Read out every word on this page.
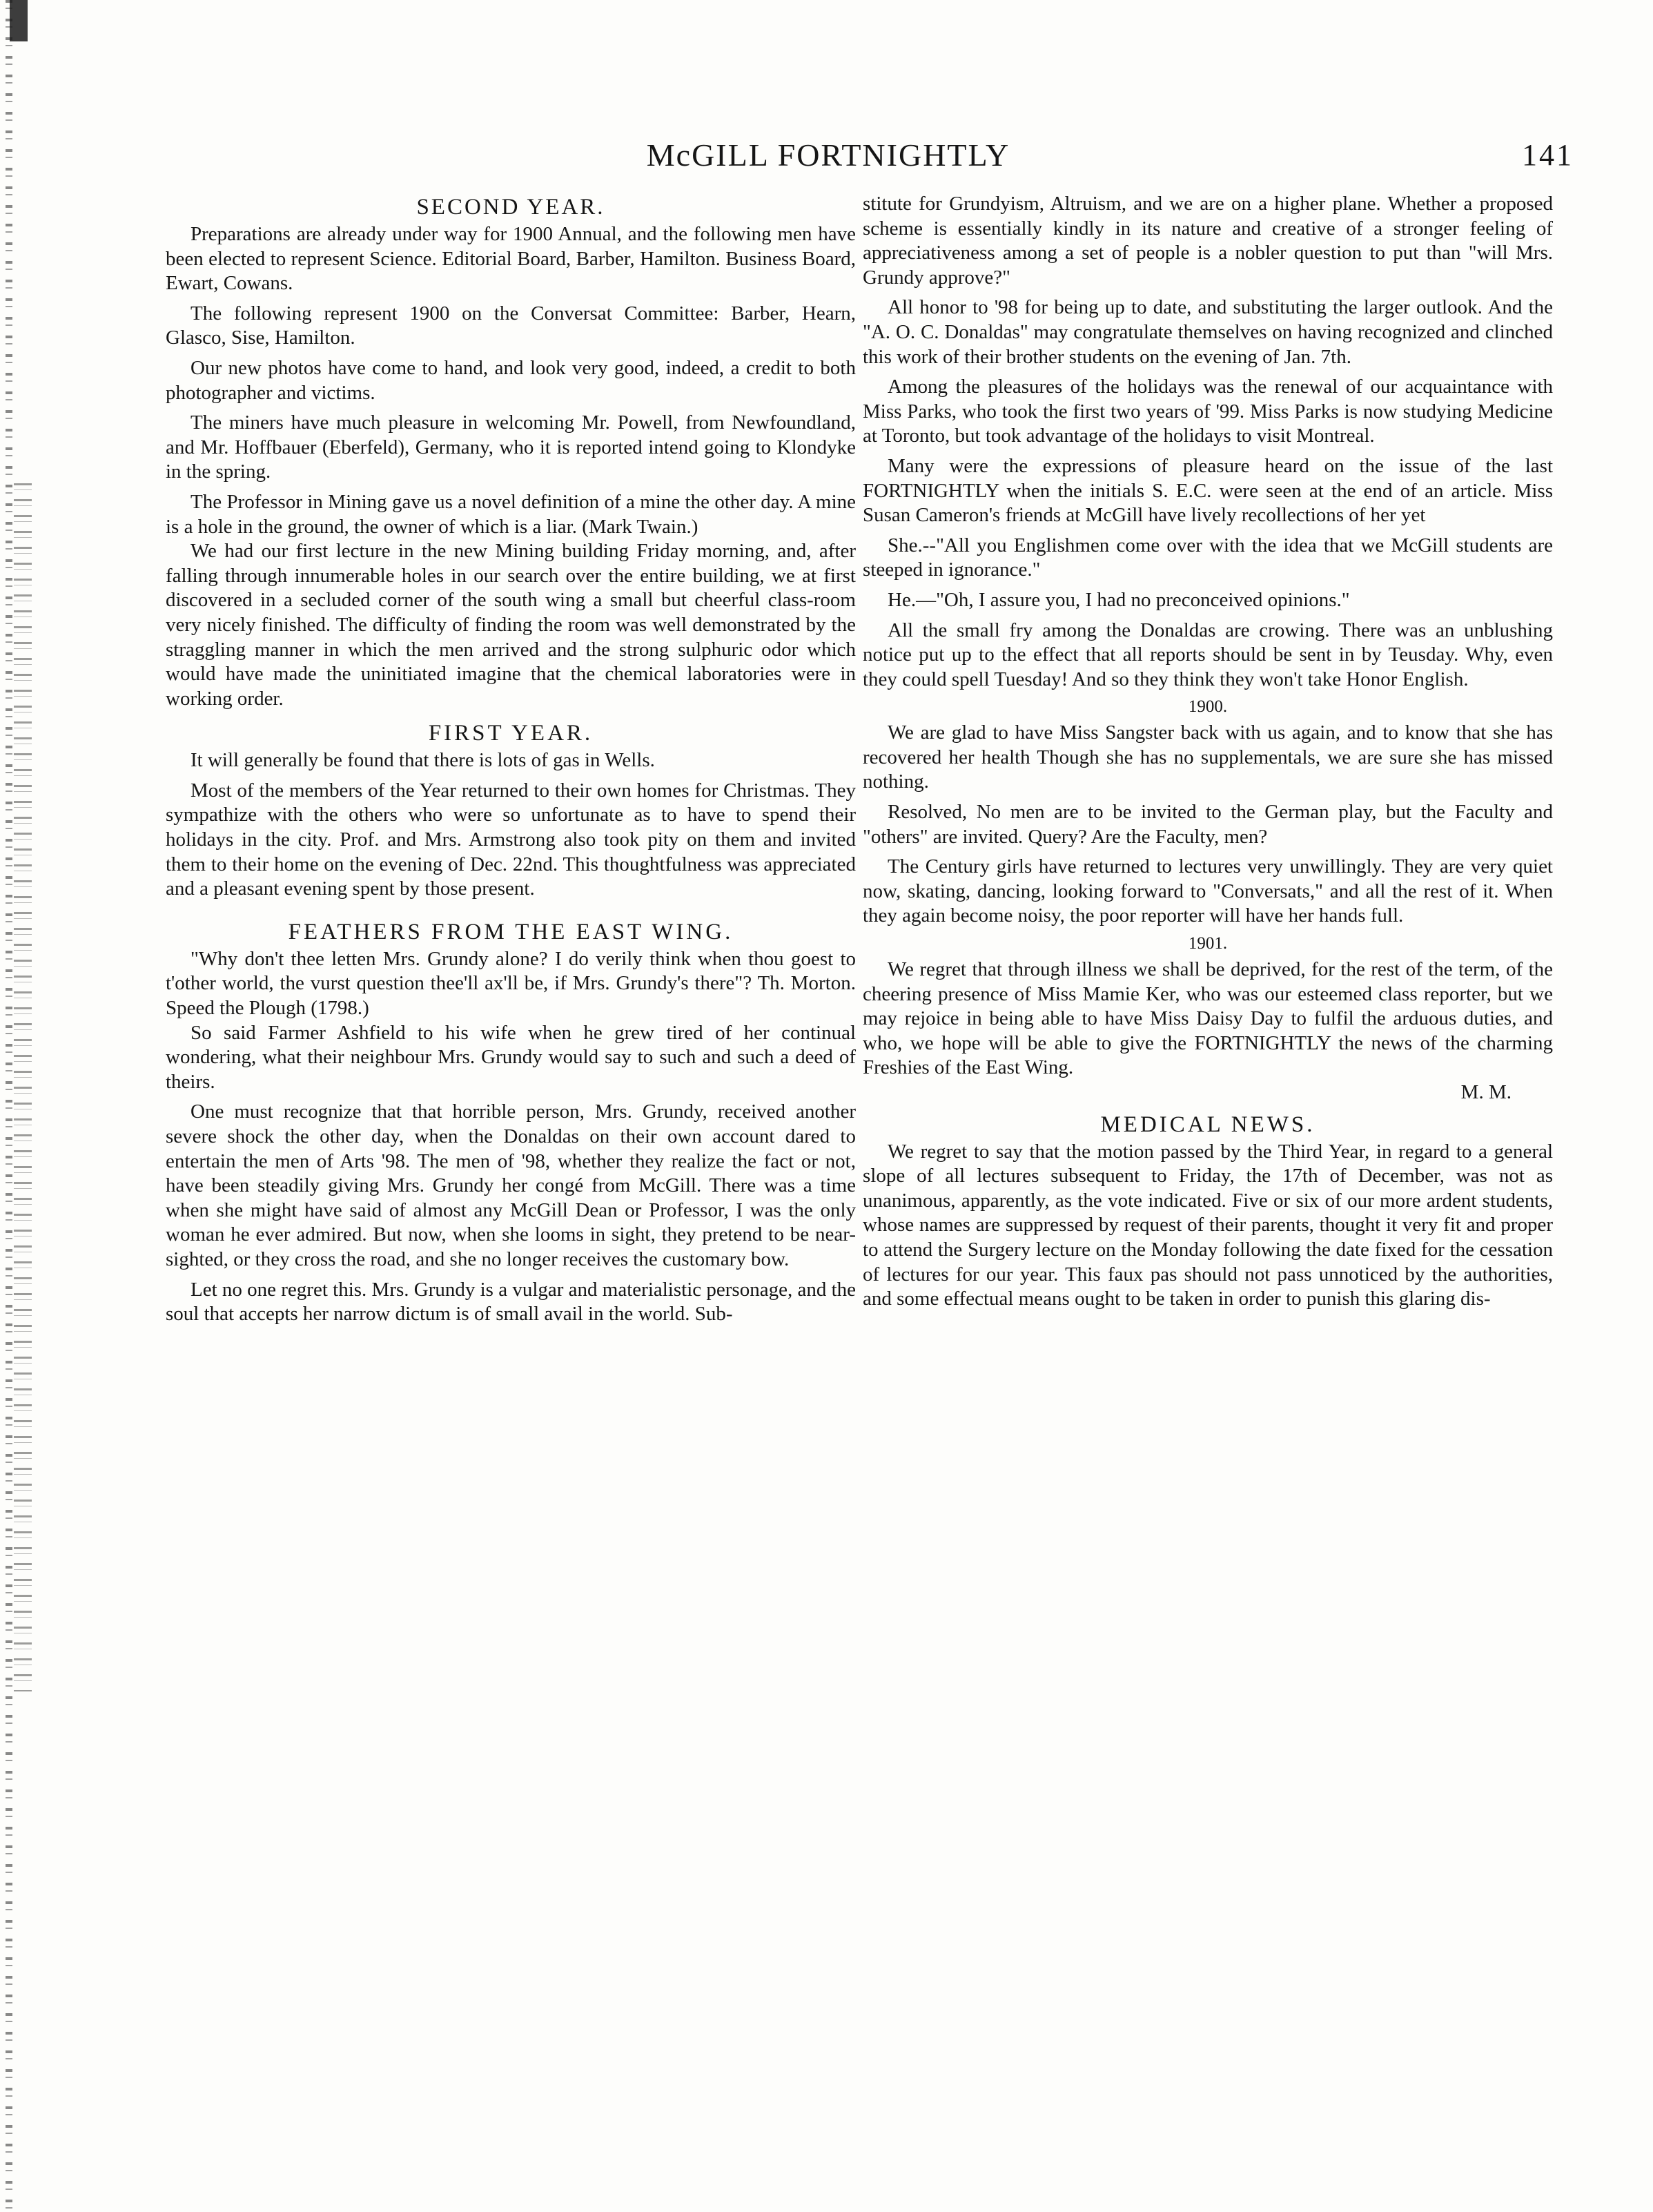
McGILL FORTNIGHTLY	141
SECOND YEAR.

Preparations are already under way for 1900 Annual, and the following men have been elected to represent Science. Editorial Board, Barber, Hamilton. Business Board, Ewart, Cowans.

The following represent 1900 on the Conversat Committee: Barber, Hearn, Glasco, Sise, Hamilton.

Our new photos have come to hand, and look very good, indeed, a credit to both photographer and victims.

The miners have much pleasure in welcoming Mr. Powell, from Newfoundland, and Mr. Hoffbauer (Eberfeld), Germany, who it is reported intend going to Klondyke in the spring.

The Professor in Mining gave us a novel definition of a mine the other day. A mine is a hole in the ground, the owner of which is a liar. (Mark Twain.)

We had our first lecture in the new Mining building Friday morning, and, after falling through innumerable holes in our search over the entire building, we at first discovered in a secluded corner of the south wing a small but cheerful class-room very nicely finished. The difficulty of finding the room was well demonstrated by the straggling manner in which the men arrived and the strong sulphuric odor which would have made the uninitiated imagine that the chemical laboratories were in working order.

FIRST YEAR.

It will generally be found that there is lots of gas in Wells.

Most of the members of the Year returned to their own homes for Christmas. They sympathize with the others who were so unfortunate as to have to spend their holidays in the city. Prof. and Mrs. Armstrong also took pity on them and invited them to their home on the evening of Dec. 22nd. This thoughtfulness was appreciated and a pleasant evening spent by those present.

FEATHERS FROM THE EAST WING.

"Why don't thee letten Mrs. Grundy alone? I do verily think when thou goest to t'other world, the vurst question thee'll ax'll be, if Mrs. Grundy's there"? Th. Morton. Speed the Plough (1798.)

So said Farmer Ashfield to his wife when he grew tired of her continual wondering, what their neighbour Mrs. Grundy would say to such and such a deed of theirs.

One must recognize that that horrible person, Mrs. Grundy, received another severe shock the other day, when the Donaldas on their own account dared to entertain the men of Arts '98. The men of '98, whether they realize the fact or not, have been steadily giving Mrs. Grundy her congé from McGill. There was a time when she might have said of almost any McGill Dean or Professor, I was the only woman he ever admired. But now, when she looms in sight, they pretend to be near-sighted, or they cross the road, and she no longer receives the customary bow.

Let no one regret this. Mrs. Grundy is a vulgar and materialistic personage, and the soul that accepts her narrow dictum is of small avail in the world. Sub-

stitute for Grundyism, Altruism, and we are on a higher plane. Whether a proposed scheme is essentially kindly in its nature and creative of a stronger feeling of appreciativeness among a set of people is a nobler question to put than "will Mrs. Grundy approve?"

All honor to '98 for being up to date, and substituting the larger outlook. And the "A. O. C. Donaldas" may congratulate themselves on having recognized and clinched this work of their brother students on the evening of Jan. 7th.

Among the pleasures of the holidays was the renewal of our acquaintance with Miss Parks, who took the first two years of '99. Miss Parks is now studying Medicine at Toronto, but took advantage of the holidays to visit Montreal.

Many were the expressions of pleasure heard on the issue of the last FORTNIGHTLY when the initials S. E.C. were seen at the end of an article. Miss Susan Cameron's friends at McGill have lively recollections of her yet

She.--"All you Englishmen come over with the idea that we McGill students are steeped in ignorance."

He.—"Oh, I assure you, I had no preconceived opinions."

All the small fry among the Donaldas are crowing. There was an unblushing notice put up to the effect that all reports should be sent in by Teusday. Why, even they could spell Tuesday! And so they think they won't take Honor English.

1900.

We are glad to have Miss Sangster back with us again, and to know that she has recovered her health Though she has no supplementals, we are sure she has missed nothing.

Resolved, No men are to be invited to the German play, but the Faculty and "others" are invited. Query? Are the Faculty, men?

The Century girls have returned to lectures very unwillingly. They are very quiet now, skating, dancing, looking forward to "Conversats," and all the rest of it. When they again become noisy, the poor reporter will have her hands full.

1901.

We regret that through illness we shall be deprived, for the rest of the term, of the cheering presence of Miss Mamie Ker, who was our esteemed class reporter, but we may rejoice in being able to have Miss Daisy Day to fulfil the arduous duties, and who, we hope will be able to give the FORTNIGHTLY the news of the charming Freshies of the East Wing.

M. M.

MEDICAL NEWS.

We regret to say that the motion passed by the Third Year, in regard to a general slope of all lectures subsequent to Friday, the 17th of December, was not as unanimous, apparently, as the vote indicated. Five or six of our more ardent students, whose names are suppressed by request of their parents, thought it very fit and proper to attend the Surgery lecture on the Monday following the date fixed for the cessation of lectures for our year. This faux pas should not pass unnoticed by the authorities, and some effectual means ought to be taken in order to punish this glaring dis-
